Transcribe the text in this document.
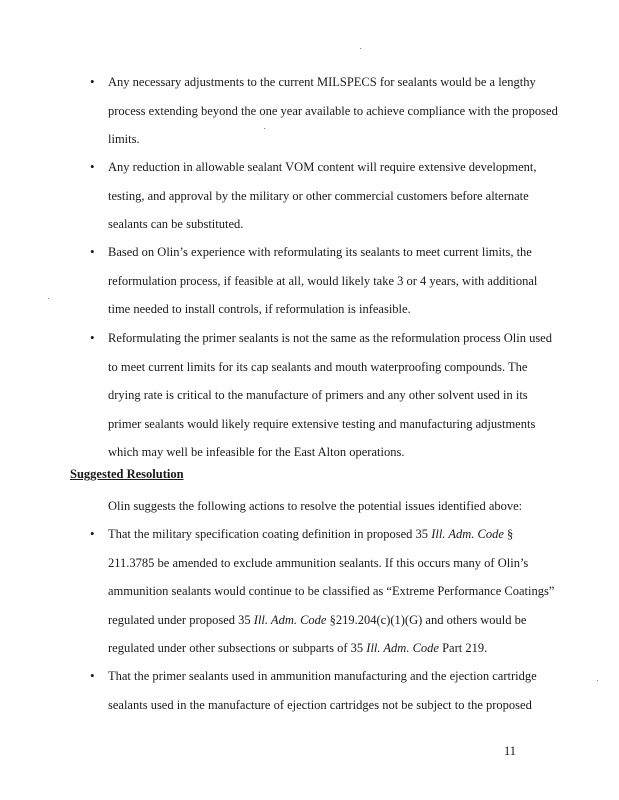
• Any necessary adjustments to the current MILSPECS for sealants would be a lengthy process extending beyond the one year available to achieve compliance with the proposed limits.
• Any reduction in allowable sealant VOM content will require extensive development, testing, and approval by the military or other commercial customers before alternate sealants can be substituted.
• Based on Olin’s experience with reformulating its sealants to meet current limits, the reformulation process, if feasible at all, would likely take 3 or 4 years, with additional time needed to install controls, if reformulation is infeasible.
• Reformulating the primer sealants is not the same as the reformulation process Olin used to meet current limits for its cap sealants and mouth waterproofing compounds. The drying rate is critical to the manufacture of primers and any other solvent used in its primer sealants would likely require extensive testing and manufacturing adjustments which may well be infeasible for the East Alton operations.
Suggested Resolution
Olin suggests the following actions to resolve the potential issues identified above:
• That the military specification coating definition in proposed 35 Ill. Adm. Code § 211.3785 be amended to exclude ammunition sealants. If this occurs many of Olin’s ammunition sealants would continue to be classified as “Extreme Performance Coatings” regulated under proposed 35 Ill. Adm. Code §219.204(c)(1)(G) and others would be regulated under other subsections or subparts of 35 Ill. Adm. Code Part 219.
• That the primer sealants used in ammunition manufacturing and the ejection cartridge sealants used in the manufacture of ejection cartridges not be subject to the proposed
11
